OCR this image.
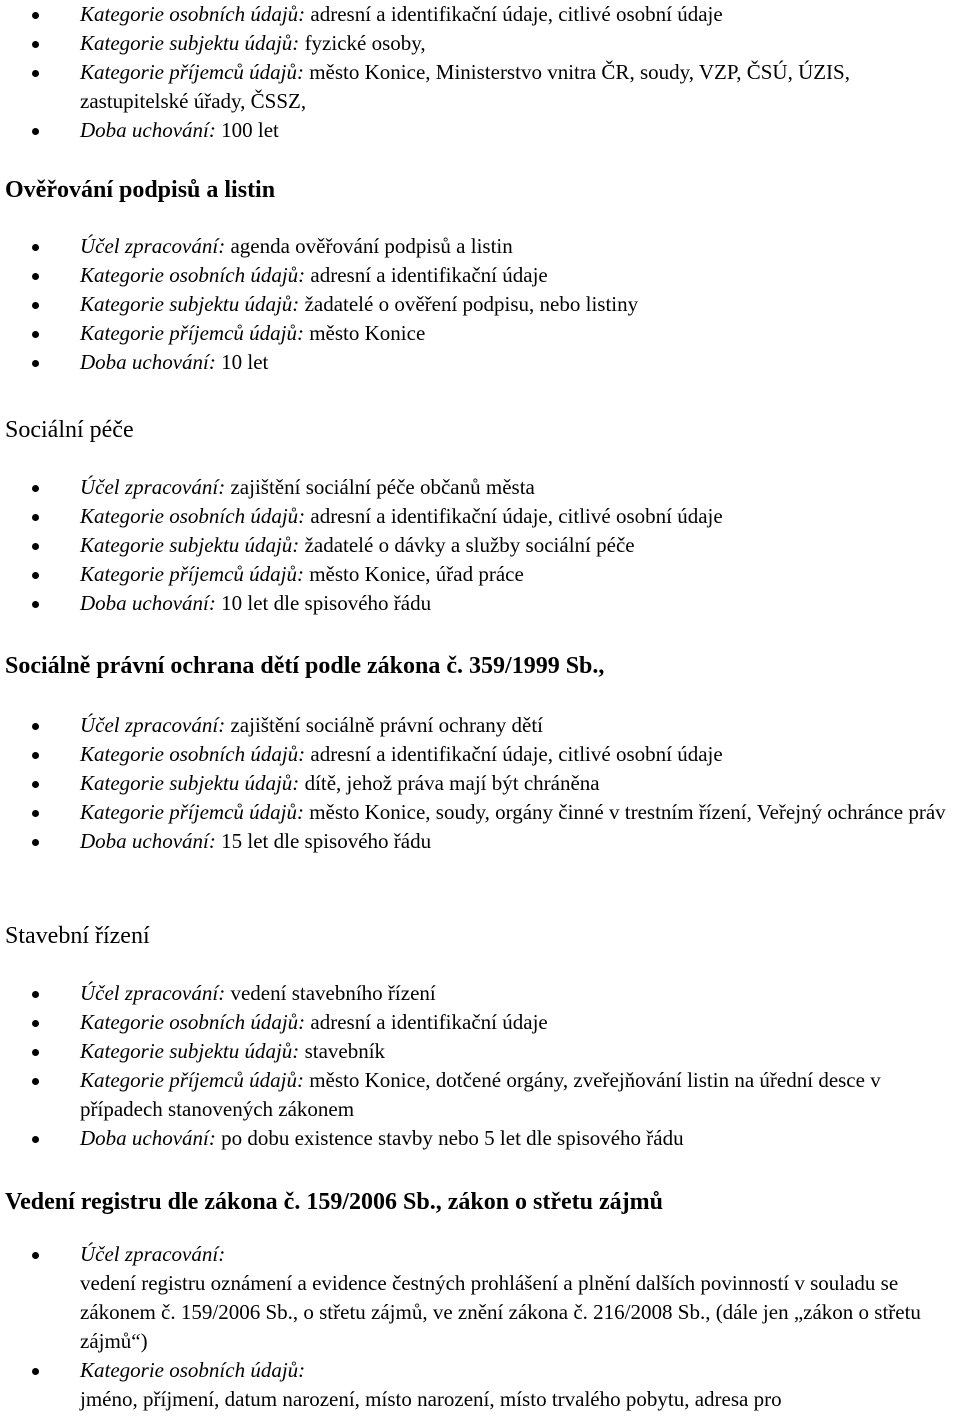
Kategorie osobních údajů: adresní a identifikační údaje, citlivé osobní údaje
Kategorie subjektu údajů: fyzické osoby,
Kategorie příjemců údajů: město Konice, Ministerstvo vnitra ČR, soudy, VZP, ČSÚ, ÚZIS, zastupitelské úřady, ČSSZ,
Doba uchování: 100 let
Ověřování podpisů a listin
Účel zpracování: agenda ověřování podpisů a listin
Kategorie osobních údajů: adresní a identifikační údaje
Kategorie subjektu údajů: žadatelé o ověření podpisu, nebo listiny
Kategorie příjemců údajů: město Konice
Doba uchování: 10 let
Sociální péče
Účel zpracování: zajištění sociální péče občanů města
Kategorie osobních údajů: adresní a identifikační údaje, citlivé osobní údaje
Kategorie subjektu údajů: žadatelé o dávky a služby sociální péče
Kategorie příjemců údajů: město Konice, úřad práce
Doba uchování: 10 let dle spisového řádu
Sociálně právní ochrana dětí podle zákona č. 359/1999 Sb.,
Účel zpracování: zajištění sociálně právní ochrany dětí
Kategorie osobních údajů: adresní a identifikační údaje, citlivé osobní údaje
Kategorie subjektu údajů: dítě, jehož práva mají být chráněna
Kategorie příjemců údajů: město Konice, soudy, orgány činné v trestním řízení, Veřejný ochránce práv
Doba uchování: 15 let dle spisového řádu
Stavební řízení
Účel zpracování: vedení stavebního řízení
Kategorie osobních údajů: adresní a identifikační údaje
Kategorie subjektu údajů: stavebník
Kategorie příjemců údajů: město Konice, dotčené orgány, zveřejňování listin na úřední desce v případech stanovených zákonem
Doba uchování: po dobu existence stavby nebo 5 let dle spisového řádu
Vedení registru dle zákona č. 159/2006 Sb., zákon o střetu zájmů
Účel zpracování:
vedení registru oznámení a evidence čestných prohlášení a plnění dalších povinností v souladu se zákonem č. 159/2006 Sb., o střetu zájmů, ve znění zákona č. 216/2008 Sb., (dále jen „zákon o střetu zájmů“)
Kategorie osobních údajů:
jméno, příjmení, datum narození, místo narození, místo trvalého pobytu, adresa pro
